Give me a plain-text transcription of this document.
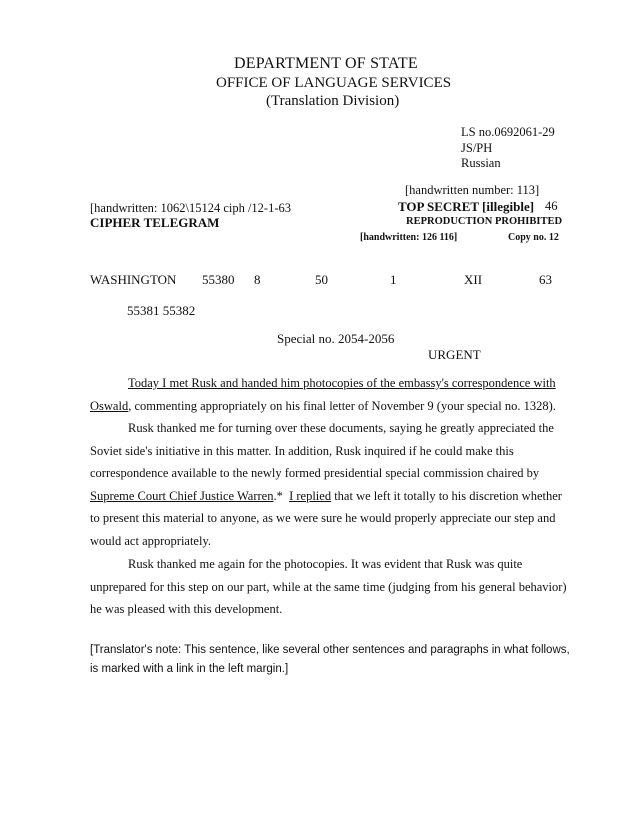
DEPARTMENT OF STATE
OFFICE OF LANGUAGE SERVICES
(Translation Division)
LS no.0692061-29
JS/PH
Russian
[handwritten number: 113]
TOP SECRET [illegible] 46
REPRODUCTION PROHIBITED
[handwritten: 126 116]	Copy no. 12
[handwritten: 1062\15124 ciph /12-1-63
CIPHER TELEGRAM
WASHINGTON 55380 8	50	1	XII	63
55381 55382
Special no. 2054-2056
URGENT
Today I met Rusk and handed him photocopies of the embassy's correspondence with Oswald, commenting appropriately on his final letter of November 9 (your special no. 1328).
Rusk thanked me for turning over these documents, saying he greatly appreciated the Soviet side's initiative in this matter. In addition, Rusk inquired if he could make this correspondence available to the newly formed presidential special commission chaired by Supreme Court Chief Justice Warren.*  I replied that we left it totally to his discretion whether to present this material to anyone, as we were sure he would properly appreciate our step and would act appropriately.
Rusk thanked me again for the photocopies. It was evident that Rusk was quite unprepared for this step on our part, while at the same time (judging from his general behavior) he was pleased with this development.
[Translator's note: This sentence, like several other sentences and paragraphs in what follows, is marked with a link in the left margin.]
